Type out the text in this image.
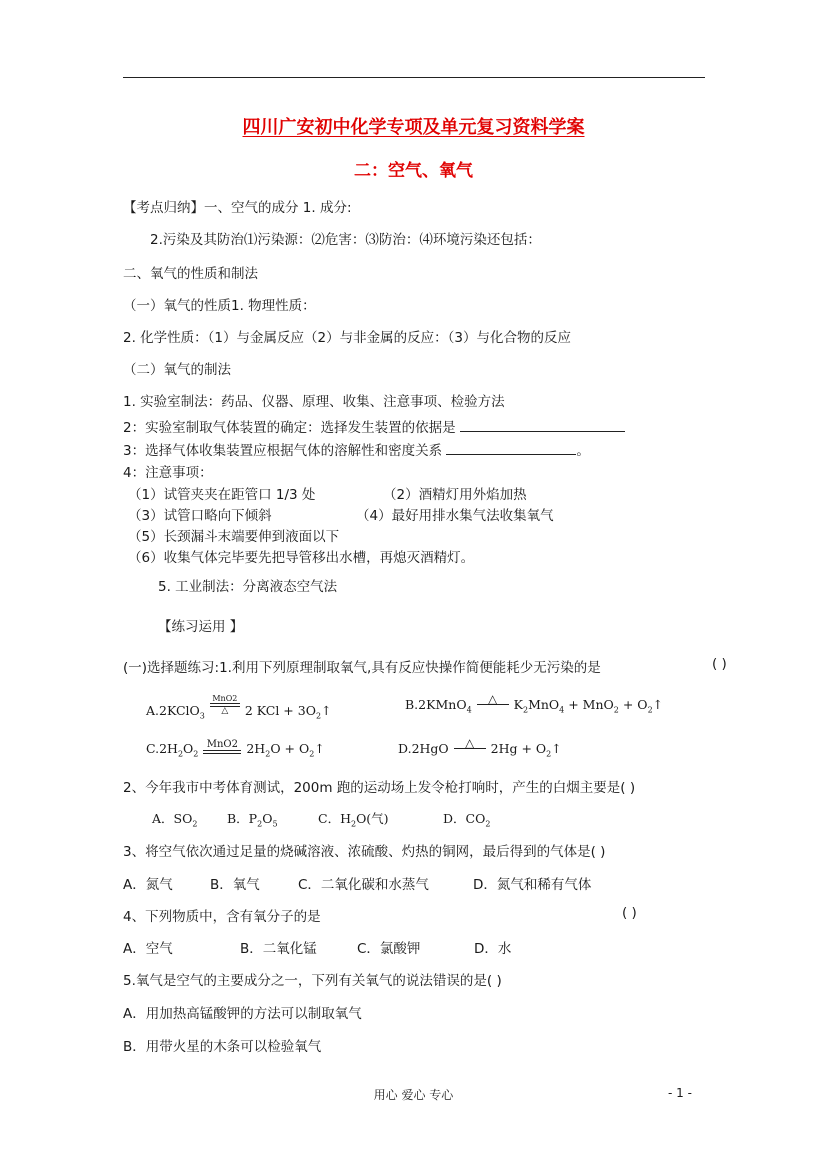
四川广安初中化学专项及单元复习资料学案
二：空气、氧气
【考点归纳】一、空气的成分 1. 成分:
2.污染及其防治⑴污染源：⑵危害：⑶防治：⑷环境污染还包括：
二、氧气的性质和制法
（一）氧气的性质1. 物理性质：
2. 化学性质：（1）与金属反应（2）与非金属的反应：（3）与化合物的反应
（二）氧气的制法
1. 实验室制法：药品、仪器、原理、收集、注意事项、检验方法
2：实验室制取气体装置的确定：选择发生装置的依据是
3：选择气体收集装置应根据气体的溶解性和密度关系	。
4：注意事项：
（1）试管夹夹在距管口 1/3 处	（2）酒精灯用外焰加热
（3）试管口略向下倾斜	（4）最好用排水集气法收集氧气
（5）长颈漏斗末端要伸到液面以下
（6）收集气体完毕要先把导管移出水槽，再熄灭酒精灯。
5. 工业制法：分离液态空气法
【练习运用 】
(一)选择题练习:1.利用下列原理制取氧气,具有反应快操作简便能耗少无污染的是	( )
A.2KClO$_3$
MnO2
△	2 KCl + $3O_2↑$	B.2KMnO$_4$
△	$K_2MnO_4 + MnO_2$ + $O_2↑$
$C.2H_2O_2$
MnO2 $2H_2O$ + $O_2↑$	D.2HgO	△	$2Hg + O_2↑$
2、今年我市中考体育测试，200m 跑的运动场上发令枪打响时，产生的白烟主要是( )
A．$SO_2$ B．$P_2O_5$	C．$H_2O$(气)	D．$CO_2$
3、将空气依次通过足量的烧碱溶液、浓硫酸、灼热的铜网，最后得到的气体是( )
A．氮气	B．氧气	C．二氧化碳和水蒸气	D．氮气和稀有气体
4、下列物质中，含有氧分子的是	( )
A．空气	B．二氧化锰	C．氯酸钾	D．水
5.氧气是空气的主要成分之一，下列有关氧气的说法错误的是( )
A．用加热高锰酸钾的方法可以制取氧气
B．用带火星的木条可以检验氧气
用心 爱心 专心	- 1 -
